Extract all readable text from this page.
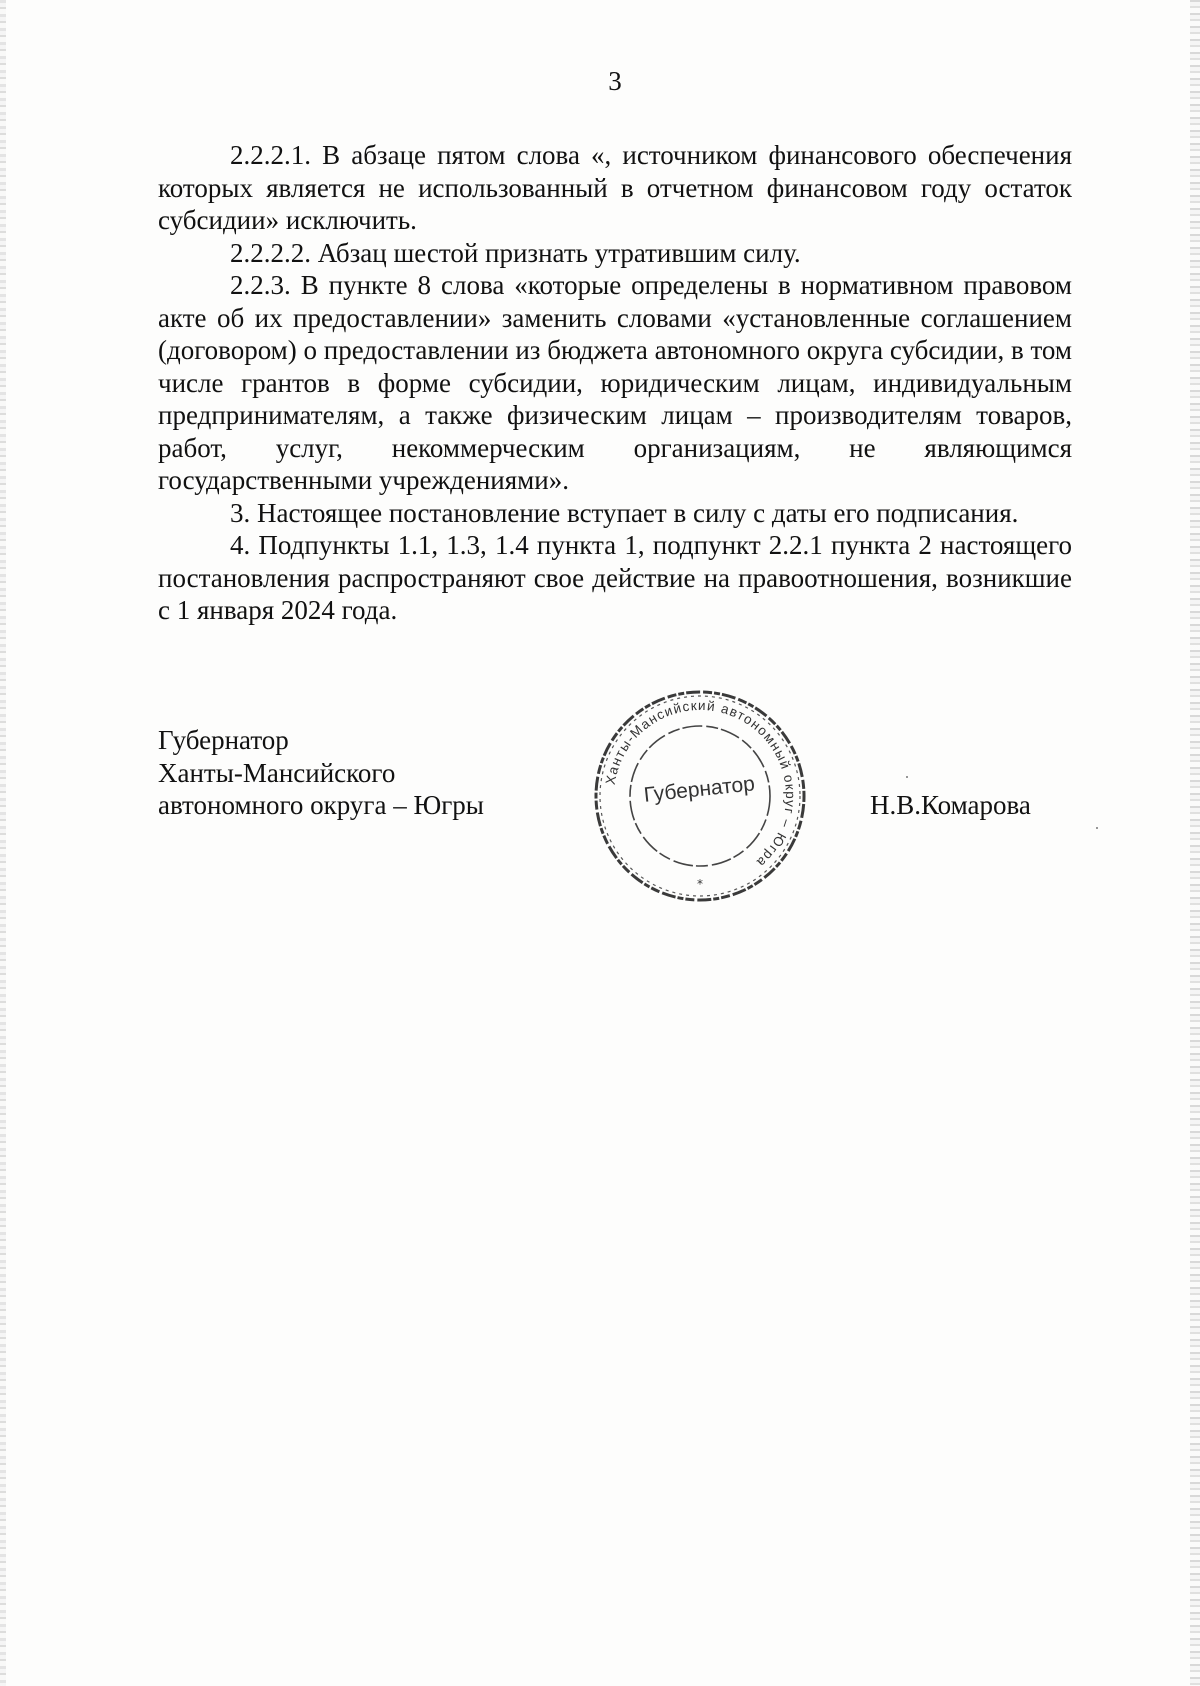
3

2.2.2.1. В абзаце пятом слова «, источником финансового обеспечения которых является не использованный в отчетном финансовом году остаток субсидии» исключить.

2.2.2.2. Абзац шестой признать утратившим силу.

2.2.3. В пункте 8 слова «которые определены в нормативном правовом акте об их предоставлении» заменить словами «установленные соглашением (договором) о предоставлении из бюджета автономного округа субсидии, в том числе грантов в форме субсидии, юридическим лицам, индивидуальным предпринимателям, а также физическим лицам – производителям товаров, работ, услуг, некоммерческим организациям, не являющимся государственными учреждениями».

3. Настоящее постановление вступает в силу с даты его подписания.

4. Подпункты 1.1, 1.3, 1.4 пункта 1, подпункт 2.2.1 пункта 2 настоящего постановления распространяют свое действие на правоотношения, возникшие с 1 января 2024 года.

Губернатор
Ханты-Мансийского
автономного округа – Югры
Ханты-Мансийский автономный округ – Югра
Губернатор
*
Н.В.Комарова
